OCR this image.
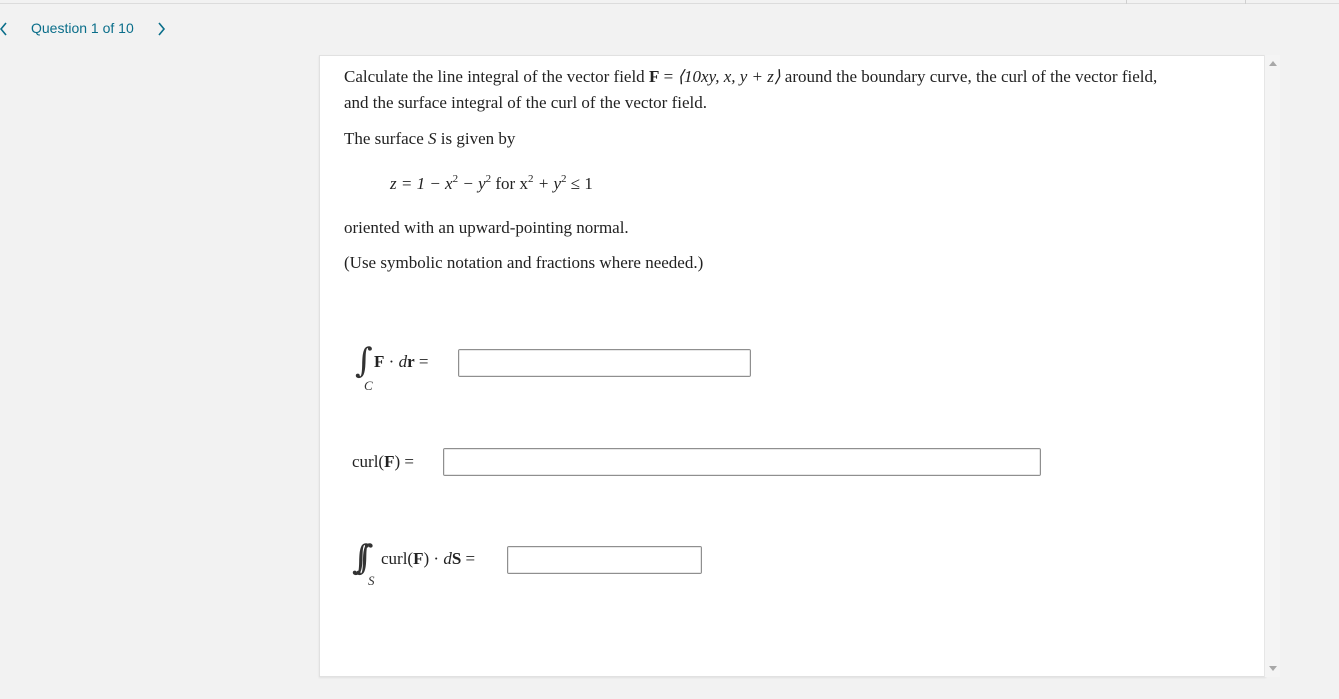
Question 1 of 10
Calculate the line integral of the vector field F = ⟨10xy, x, y + z⟩ around the boundary curve, the curl of the vector field,
and the surface integral of the curl of the vector field.
The surface S is given by
$z = 1 - x^2 - y^2$ for $x^2 + y^2 \le 1$
oriented with an upward-pointing normal.
(Use symbolic notation and fractions where needed.)
∫
C
F · dr =
curl(F) =
∫∫
S
curl(F) · dS =
